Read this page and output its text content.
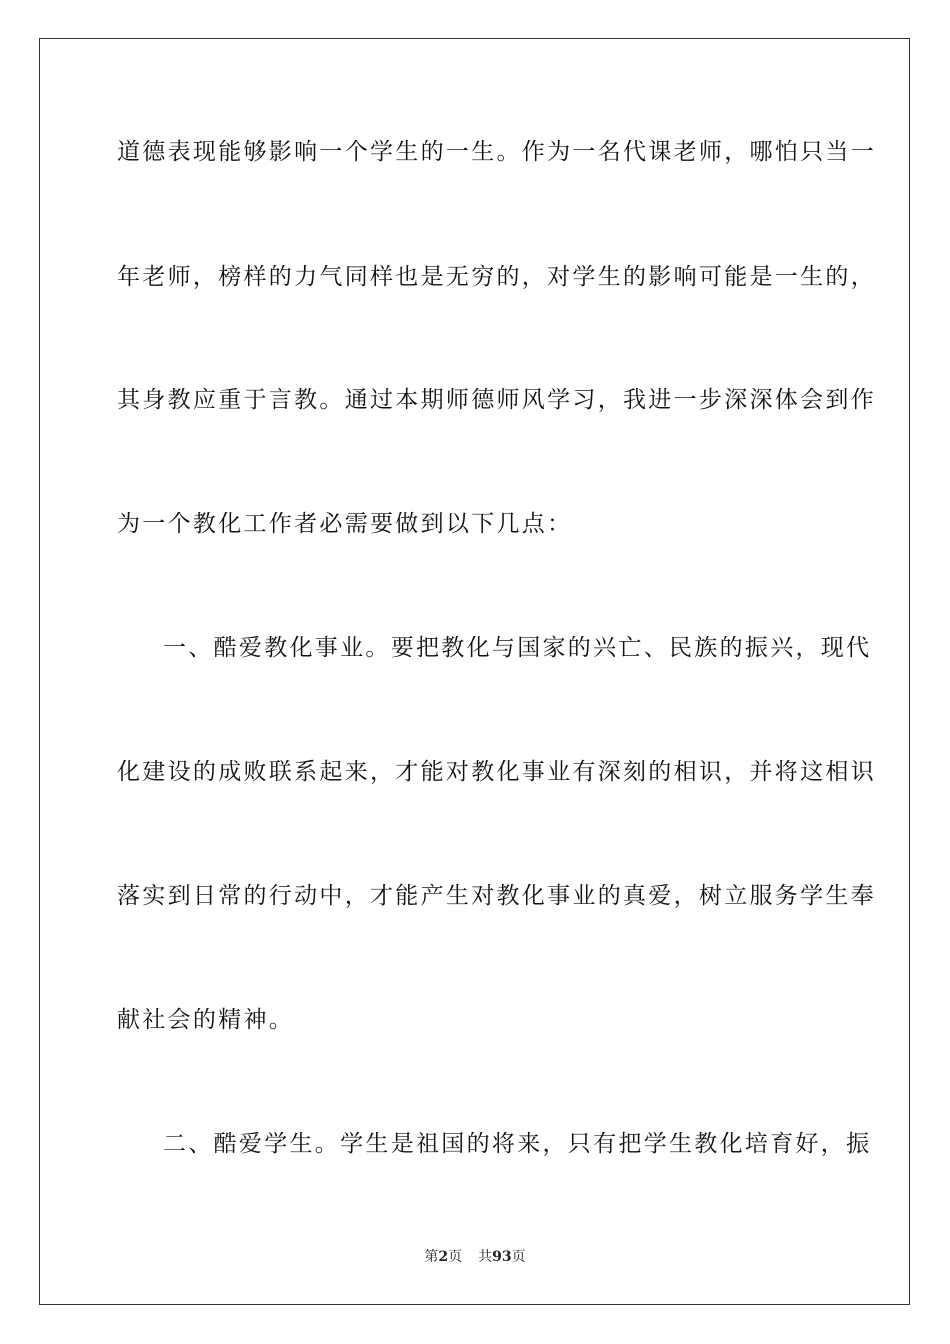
道德表现能够影响一个学生的一生。作为一名代课老师，哪怕只当一
年老师，榜样的力气同样也是无穷的，对学生的影响可能是一生的，
其身教应重于言教。通过本期师德师风学习，我进一步深深体会到作
为一个教化工作者必需要做到以下几点：
一、酷爱教化事业。要把教化与国家的兴亡、民族的振兴，现代
化建设的成败联系起来，才能对教化事业有深刻的相识，并将这相识
落实到日常的行动中，才能产生对教化事业的真爱，树立服务学生奉
献社会的精神。
二、酷爱学生。学生是祖国的将来，只有把学生教化培育好，振
第2页 共93页
